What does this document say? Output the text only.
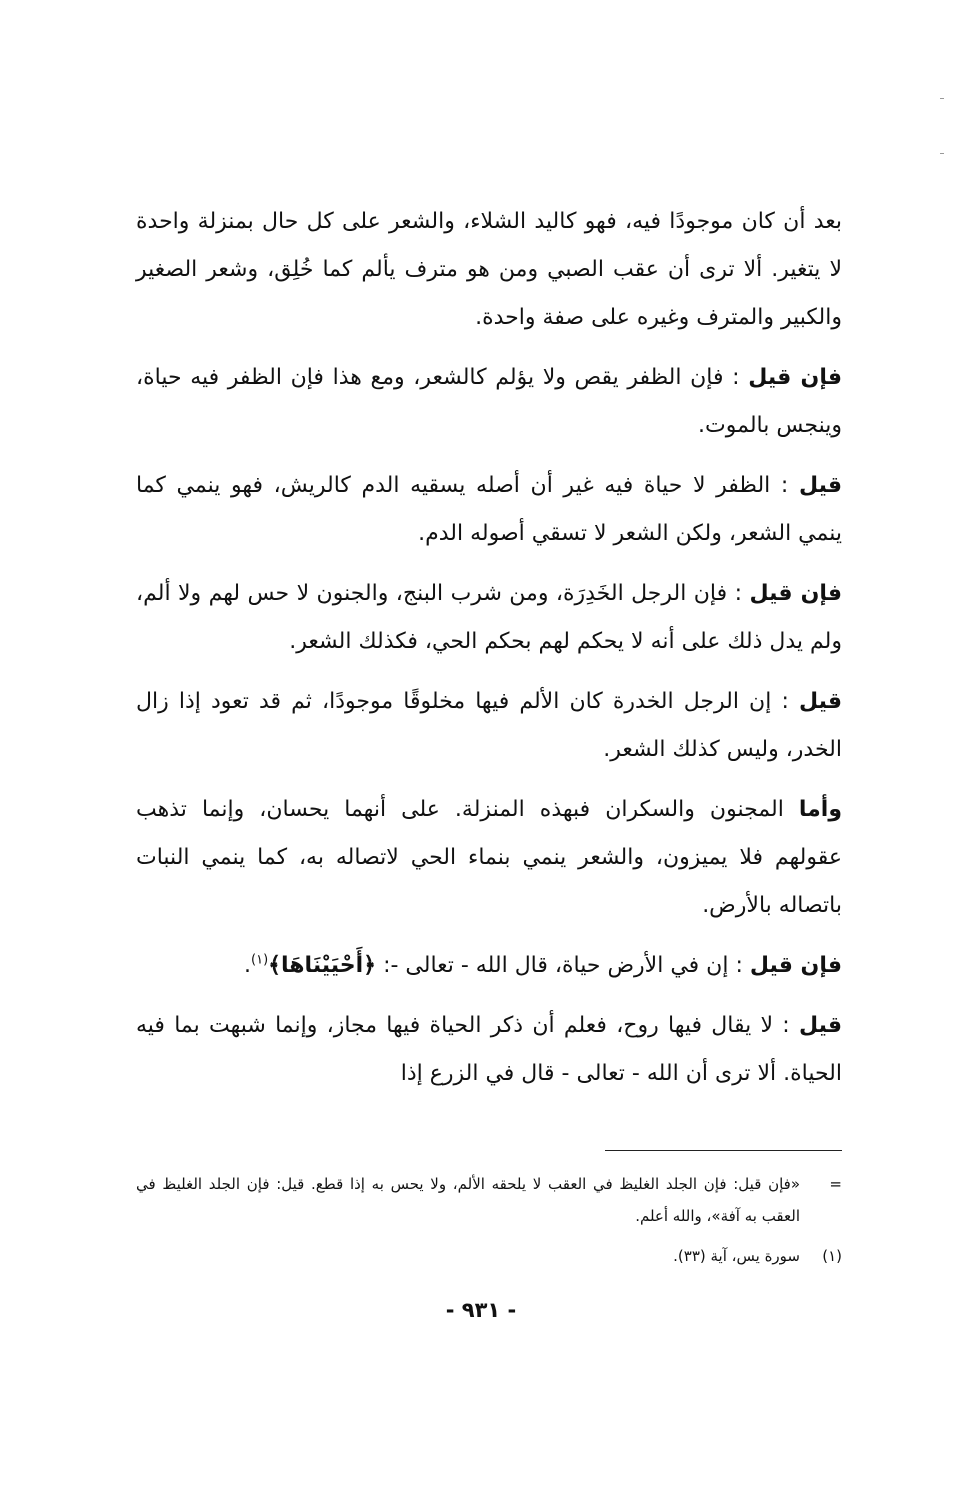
بعد أن كان موجودًا فيه، فهو كاليد الشلاء، والشعر على كل حال بمنزلة واحدة لا يتغير. ألا ترى أن عقب الصبي ومن هو مترف يألم كما خُلِق، وشعر الصغير والكبير والمترف وغيره على صفة واحدة.

فإن قيل : فإن الظفر يقص ولا يؤلم كالشعر، ومع هذا فإن الظفر فيه حياة، وينجس بالموت.

قيل : الظفر لا حياة فيه غير أن أصله يسقيه الدم كالريش، فهو ينمي كما ينمي الشعر، ولكن الشعر لا تسقي أصوله الدم.

فإن قيل : فإن الرجل الخَدِرَة، ومن شرب البنج، والجنون لا حس لهم ولا ألم، ولم يدل ذلك على أنه لا يحكم لهم بحكم الحي، فكذلك الشعر.

قيل : إن الرجل الخدرة كان الألم فيها مخلوقًا موجودًا، ثم قد تعود إذا زال الخدر، وليس كذلك الشعر.

وأما المجنون والسكران فبهذه المنزلة. على أنهما يحسان، وإنما تذهب عقولهم فلا يميزون، والشعر ينمي بنماء الحي لاتصاله به، كما ينمي النبات باتصاله بالأرض.

فإن قيل : إن في الأرض حياة، قال الله - تعالى -: ﴿أَحْيَيْنَاهَا﴾$^{(١)}$.

قيل : لا يقال فيها روح، فعلم أن ذكر الحياة فيها مجاز، وإنما شبهت بما فيه الحياة. ألا ترى أن الله - تعالى - قال في الزرع إذا

=
«فإن قيل: فإن الجلد الغليظ في العقب لا يلحقه الألم، ولا يحس به إذا قطع. قيل: فإن الجلد الغليظ في العقب به آفة»، والله أعلم.
(١)
سورة يس، آية (٣٣).
- ٩٣١ -
